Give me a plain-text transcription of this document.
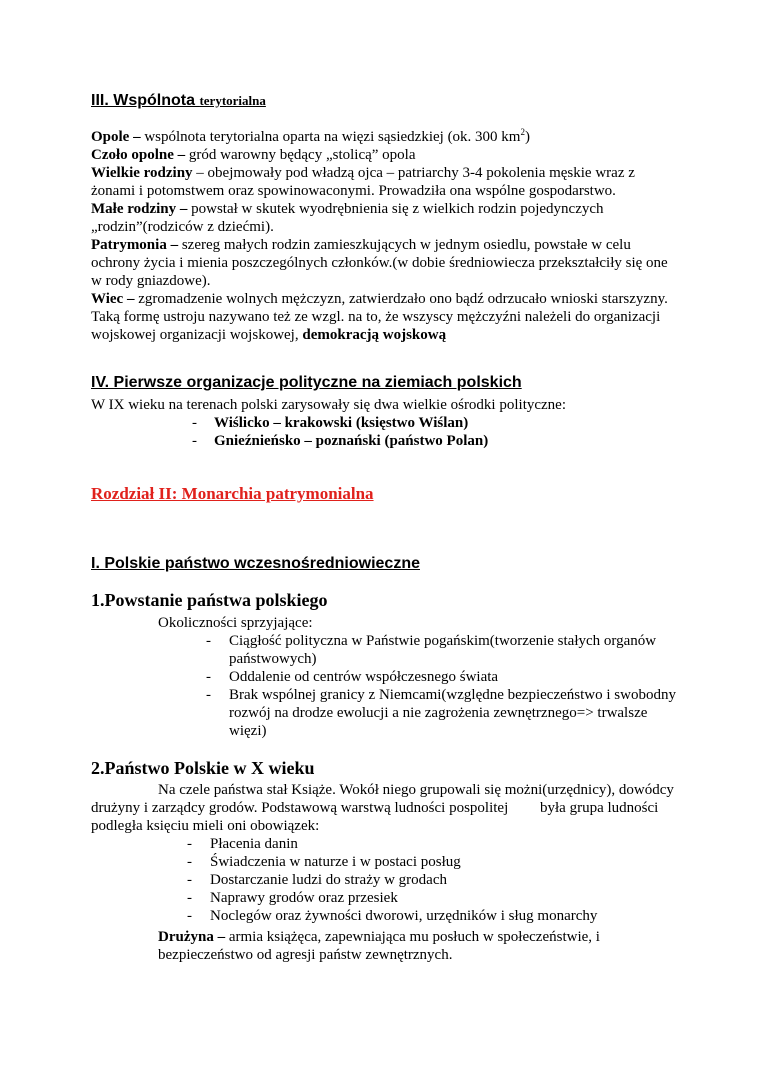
III. Wspólnota terytorialna
Opole – wspólnota terytorialna oparta na więzi sąsiedzkiej (ok. 300 $km^2$)
Czoło opolne – gród warowny będący „stolicą” opola
Wielkie rodziny – obejmowały pod władzą ojca – patriarchy 3-4 pokolenia męskie wraz z
żonami i potomstwem oraz spowinowaconymi. Prowadziła ona wspólne gospodarstwo.
Małe rodziny – powstał w skutek wyodrębnienia się z wielkich rodzin pojedynczych
„rodzin”(rodziców z dziećmi).
Patrymonia – szereg małych rodzin zamieszkujących w jednym osiedlu, powstałe w celu
ochrony życia i mienia poszczególnych członków.(w dobie średniowiecza przekształciły się one
w rody gniazdowe).
Wiec – zgromadzenie wolnych mężczyzn, zatwierdzało ono bądź odrzucało wnioski starszyzny.
Taką formę ustroju nazywano też ze wzgl. na to, że wszyscy mężczyźni należeli do organizacji
wojskowej organizacji wojskowej, demokracją wojskową
IV. Pierwsze organizacje polityczne na ziemiach polskich
W IX wieku na terenach polski zarysowały się dwa wielkie ośrodki polityczne:
- Wiślicko – krakowski (księstwo Wiślan)
- Gnieźnieńsko – poznański (państwo Polan)
Rozdział II: Monarchia patrymonialna
I. Polskie państwo wczesnośredniowieczne
1.Powstanie państwa polskiego
Okoliczności sprzyjające:
- Ciągłość polityczna w Państwie pogańskim(tworzenie stałych organów
państwowych)
- Oddalenie od centrów współczesnego świata
- Brak wspólnej granicy z Niemcami(względne bezpieczeństwo i swobodny
rozwój na drodze ewolucji a nie zagrożenia zewnętrznego=> trwalsze
więzi)
2.Państwo Polskie w X wieku
Na czele państwa stał Książe. Wokół niego grupowali się możni(urzędnicy), dowódcy
drużyny i zarządcy grodów. Podstawową warstwą ludności pospolitej była grupa ludności
podległa księciu mieli oni obowiązek:
- Płacenia danin
- Świadczenia w naturze i w postaci posług
- Dostarczanie ludzi do straży w grodach
- Naprawy grodów oraz przesiek
- Noclegów oraz żywności dworowi, urzędników i sług monarchy
Drużyna – armia książęca, zapewniająca mu posłuch w społeczeństwie, i
bezpieczeństwo od agresji państw zewnętrznych.
